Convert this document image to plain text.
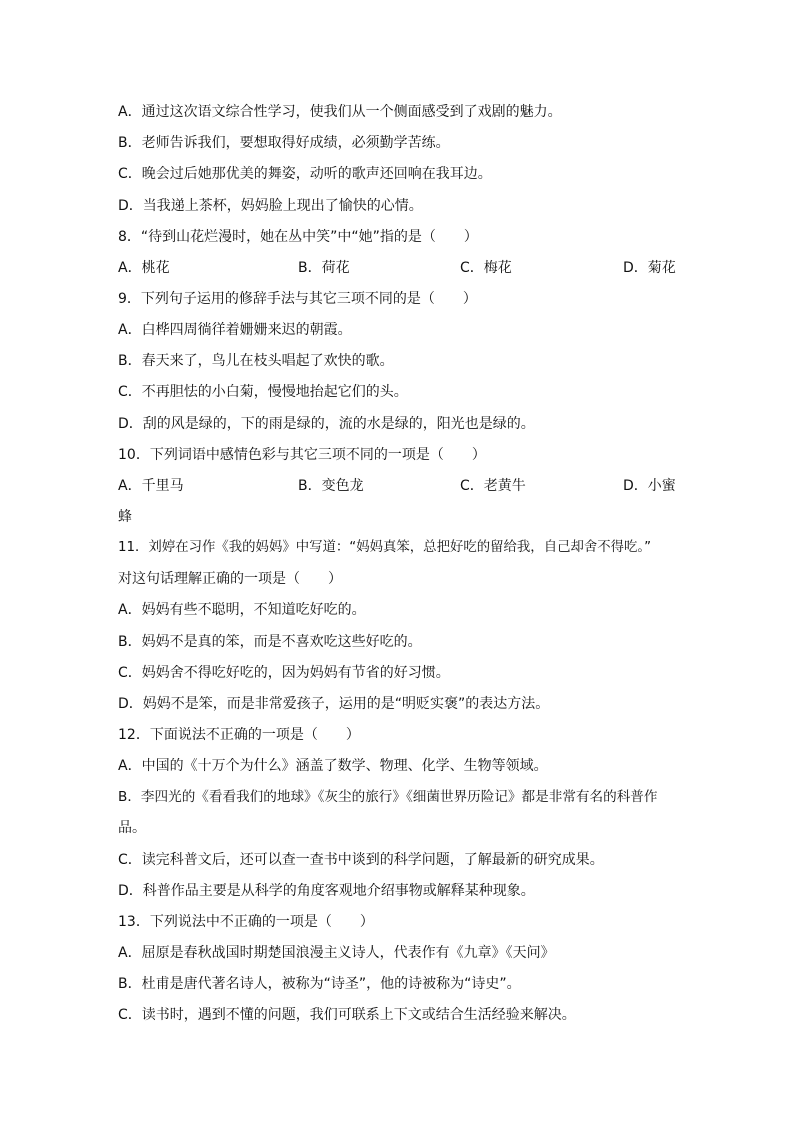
A．通过这次语文综合性学习，使我们从一个侧面感受到了戏剧的魅力。
B．老师告诉我们，要想取得好成绩，必须勤学苦练。
C．晚会过后她那优美的舞姿，动听的歌声还回响在我耳边。
D．当我递上茶杯，妈妈脸上现出了愉快的心情。
8．“待到山花烂漫时，她在丛中笑”中“她”指的是（　　）
A．桃花	B．荷花	C．梅花	D．菊花
9．下列句子运用的修辞手法与其它三项不同的是（　　）
A．白桦四周徜徉着姗姗来迟的朝霞。
B．春天来了，鸟儿在枝头唱起了欢快的歌。
C．不再胆怯的小白菊，慢慢地抬起它们的头。
D．刮的风是绿的，下的雨是绿的，流的水是绿的，阳光也是绿的。
10．下列词语中感情色彩与其它三项不同的一项是（　　）
A．千里马	B．变色龙	C．老黄牛	D．小蜜
蜂
11．刘婷在习作《我的妈妈》中写道：“妈妈真笨，总把好吃的留给我，自己却舍不得吃。”
对这句话理解正确的一项是（　　）
A．妈妈有些不聪明，不知道吃好吃的。
B．妈妈不是真的笨，而是不喜欢吃这些好吃的。
C．妈妈舍不得吃好吃的，因为妈妈有节省的好习惯。
D．妈妈不是笨，而是非常爱孩子，运用的是“明贬实褒”的表达方法。
12．下面说法不正确的一项是（　　）
A．中国的《十万个为什么》涵盖了数学、物理、化学、生物等领域。
B．李四光的《看看我们的地球》《灰尘的旅行》《细菌世界历险记》都是非常有名的科普作
品。
C．读完科普文后，还可以查一查书中谈到的科学问题，了解最新的研究成果。
D．科普作品主要是从科学的角度客观地介绍事物或解释某种现象。
13．下列说法中不正确的一项是（　　）
A．屈原是春秋战国时期楚国浪漫主义诗人，代表作有《九章》《天问》
B．杜甫是唐代著名诗人，被称为“诗圣”，他的诗被称为“诗史”。
C．读书时，遇到不懂的问题，我们可联系上下文或结合生活经验来解决。
